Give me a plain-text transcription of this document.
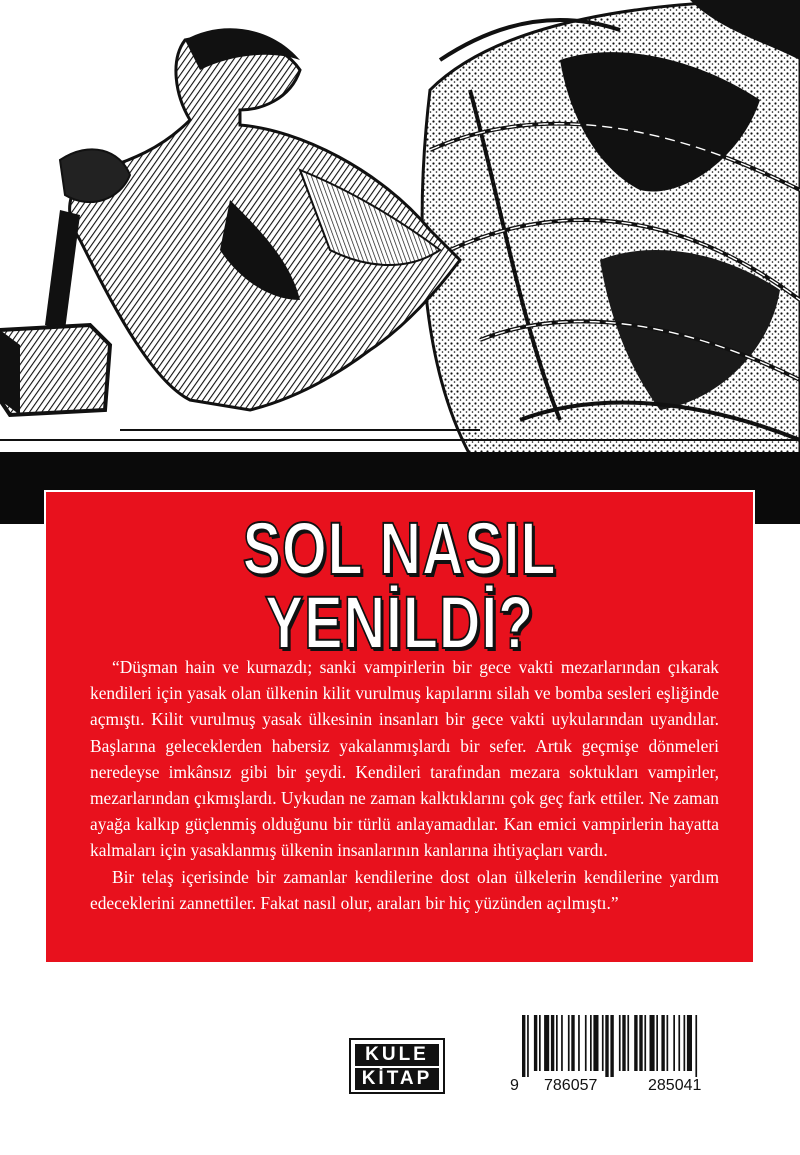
SOL NASIL YENİLDİ?

“Düşman hain ve kurnazdı; sanki vampirlerin bir gece vakti mezarlarından çıkarak kendileri için yasak olan ülkenin kilit vurulmuş kapılarını silah ve bomba sesleri eşliğinde açmıştı. Kilit vurulmuş yasak ülkesinin insanları bir gece vakti uykularından uyandılar. Başlarına geleceklerden habersiz yakalanmışlardı bir sefer. Artık geçmişe dönmeleri neredeyse imkânsız gibi bir şeydi. Kendileri tarafından mezara soktukları vampirler, mezarlarından çıkmışlardı. Uykudan ne zaman kalktıklarını çok geç fark ettiler. Ne zaman ayağa kalkıp güçlenmiş olduğunu bir türlü anlayamadılar. Kan emici vampirlerin hayatta kalmaları için yasaklanmış ülkenin insanlarının kanlarına ihtiyaçları vardı.

Bir telaş içerisinde bir zamanlar kendilerine dost olan ülkelerin kendilerine yardım edeceklerini zannettiler. Fakat nasıl olur, araları bir hiç yüzünden açılmıştı.”

KULE
KİTAP	9 786057	285041
